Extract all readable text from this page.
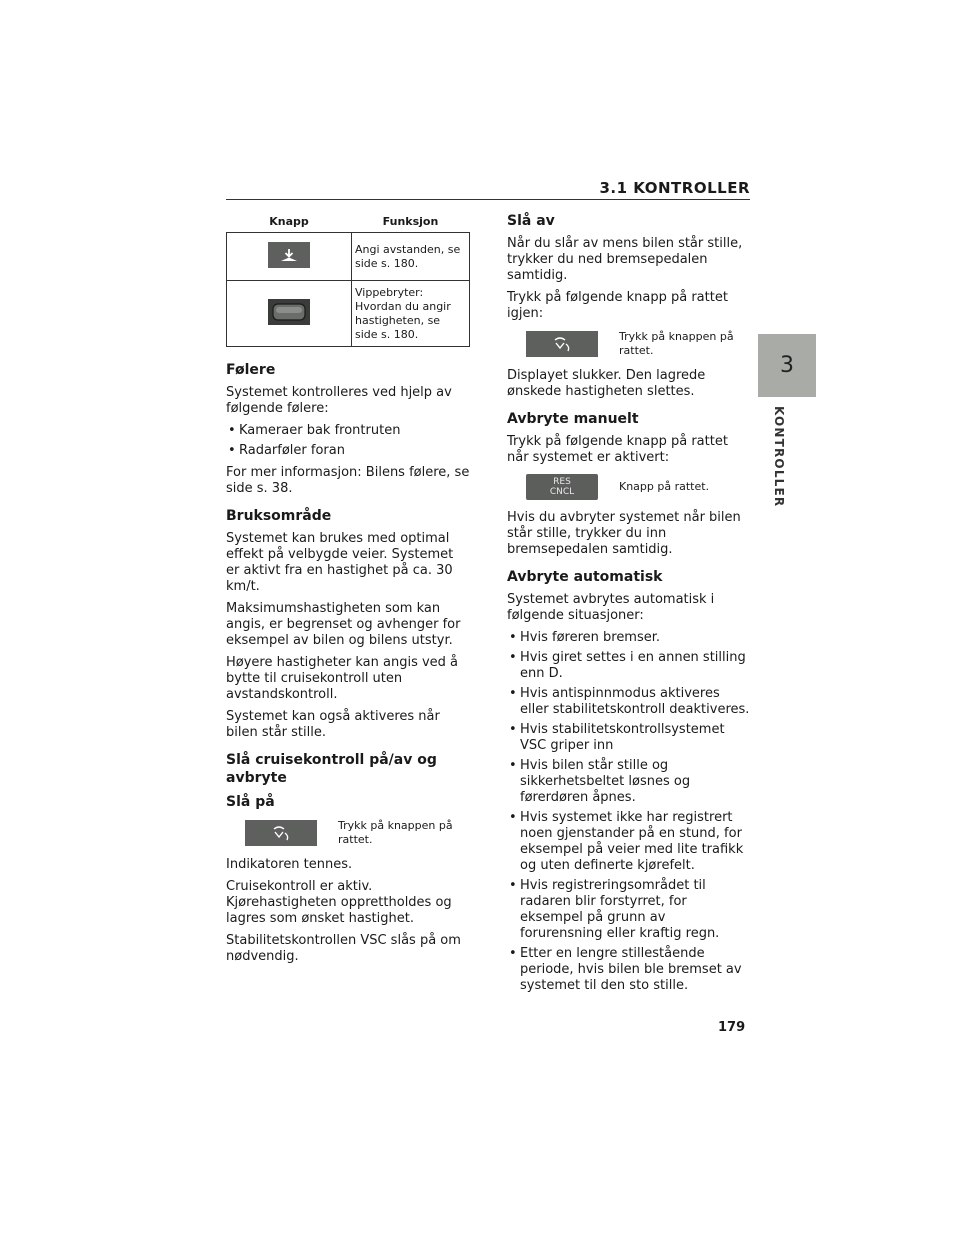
3.1 KONTROLLER
3
KONTROLLER
Knapp	Funksjon
	Angi avstanden, se side s. 180.
	Vippebryter: Hvordan du angir hastigheten, se side s. 180.
Følere

Systemet kontrolleres ved hjelp av følgende følere:

• Kameraer bak frontruten
• Radarføler foran

For mer informasjon: Bilens følere, se side s. 38.

Bruksområde

Systemet kan brukes med optimal effekt på velbygde veier. Systemet er aktivt fra en hastighet på ca. 30 km/t.

Maksimumshastigheten som kan angis, er begrenset og avhenger for eksempel av bilen og bilens utstyr.

Høyere hastigheter kan angis ved å bytte til cruisekontroll uten avstandskontroll.

Systemet kan også aktiveres når bilen står stille.

Slå cruisekontroll på/av og avbryte
Slå på
Trykk på knappen på rattet.

Indikatoren tennes.

Cruisekontroll er aktiv. Kjørehastigheten opprettholdes og lagres som ønsket hastighet.

Stabilitetskontrollen VSC slås på om nødvendig.

Slå av

Når du slår av mens bilen står stille, trykker du ned bremsepedalen samtidig.

Trykk på følgende knapp på rattet igjen:

Trykk på knappen på rattet.

Displayet slukker. Den lagrede ønskede hastigheten slettes.

Avbryte manuelt

Trykk på følgende knapp på rattet når systemet er aktivert:

RES
CNCL	Knapp på rattet.

Hvis du avbryter systemet når bilen står stille, trykker du inn bremsepedalen samtidig.

Avbryte automatisk

Systemet avbrytes automatisk i følgende situasjoner:

• Hvis føreren bremser.
• Hvis giret settes i en annen stilling enn D.
• Hvis antispinnmodus aktiveres eller stabilitetskontroll deaktiveres.
• Hvis stabilitetskontrollsystemet VSC griper inn
• Hvis bilen står stille og sikkerhetsbeltet løsnes og førerdøren åpnes.
• Hvis systemet ikke har registrert noen gjenstander på en stund, for eksempel på veier med lite trafikk og uten definerte kjørefelt.
• Hvis registreringsområdet til radaren blir forstyrret, for eksempel på grunn av forurensning eller kraftig regn.
• Etter en lengre stillestående periode, hvis bilen ble bremset av systemet til den sto stille.
179
